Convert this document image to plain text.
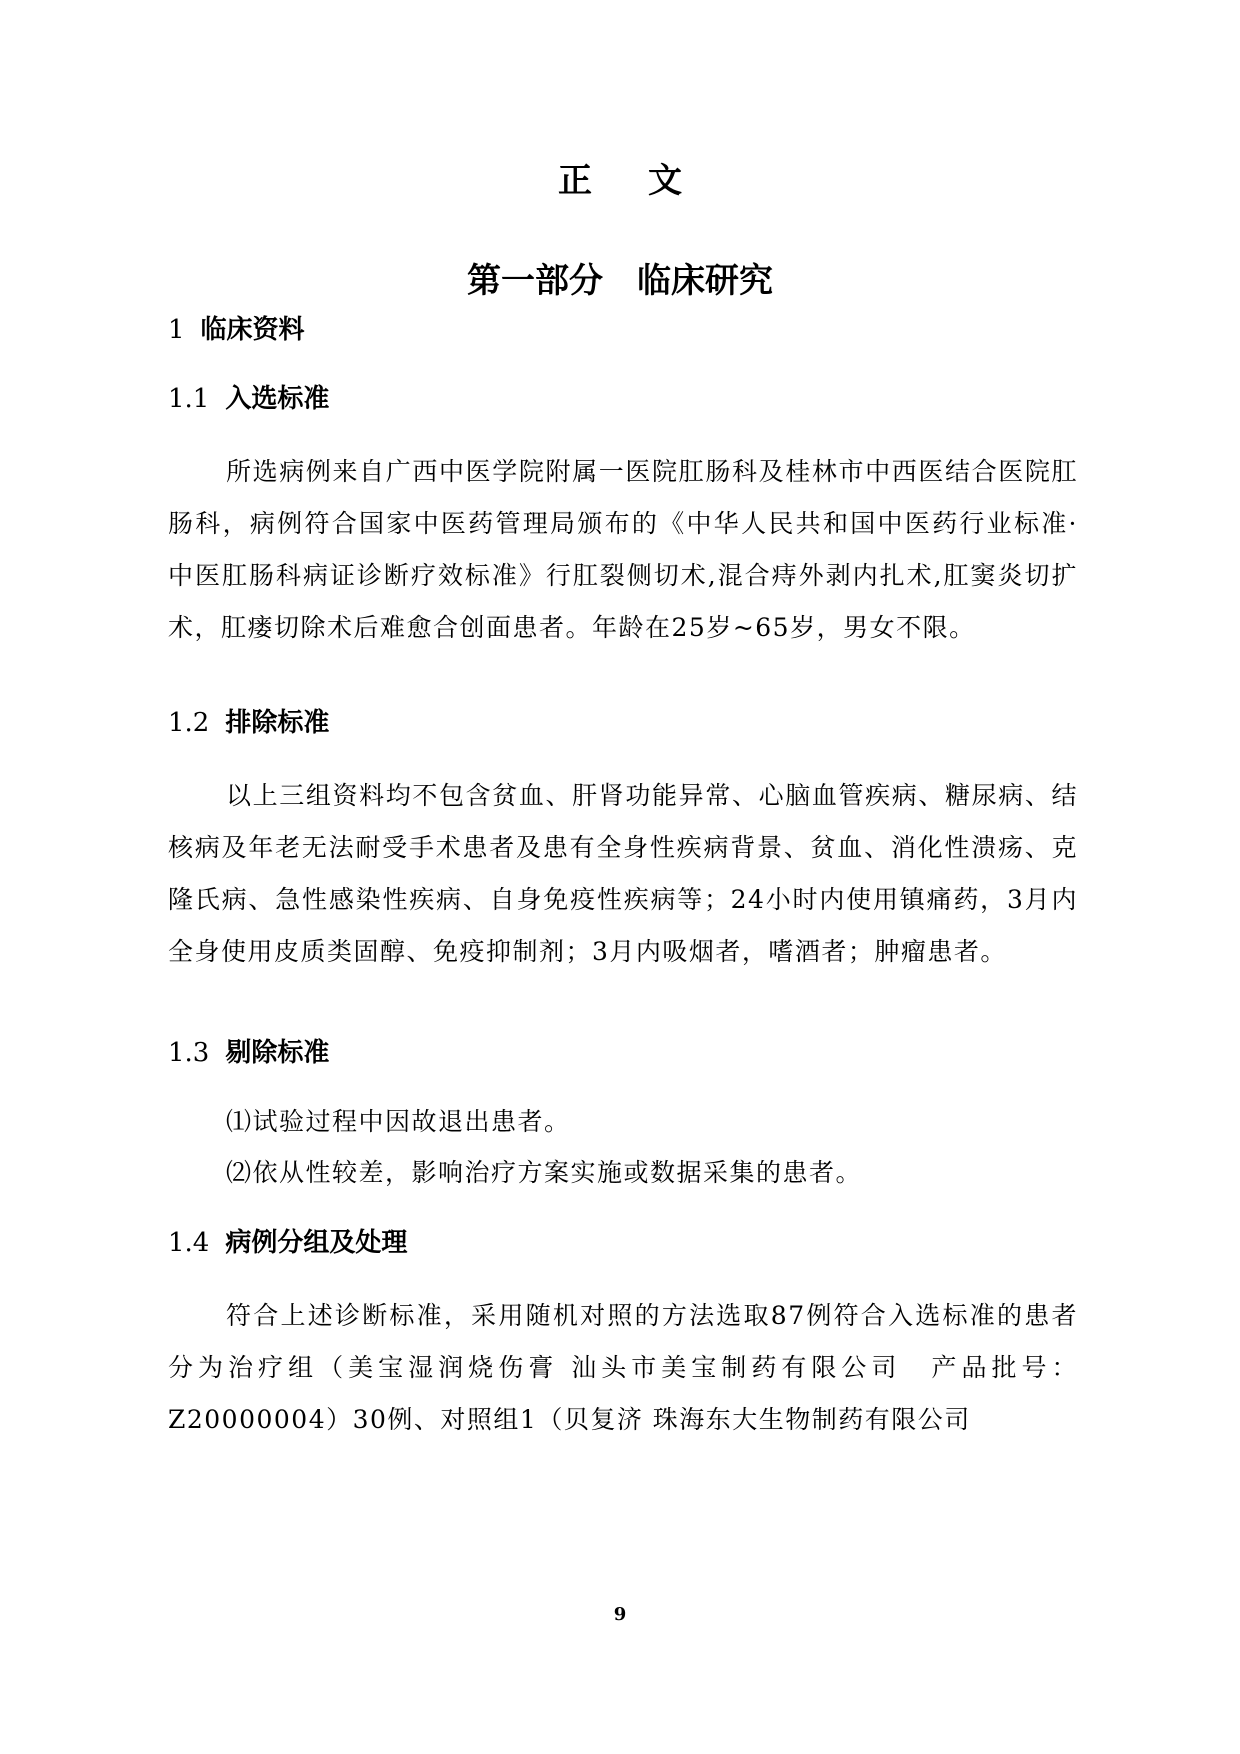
正文
第一部分　临床研究
1 临床资料
1.1 入选标准
所选病例来自广西中医学院附属一医院肛肠科及桂林市中西医结合医院肛肠科，病例符合国家中医药管理局颁布的《中华人民共和国中医药行业标准·中医肛肠科病证诊断疗效标准》行肛裂侧切术,混合痔外剥内扎术,肛窦炎切扩术，肛瘘切除术后难愈合创面患者。年龄在25岁~65岁，男女不限。
1.2 排除标准
以上三组资料均不包含贫血、肝肾功能异常、心脑血管疾病、糖尿病、结核病及年老无法耐受手术患者及患有全身性疾病背景、贫血、消化性溃疡、克隆氏病、急性感染性疾病、自身免疫性疾病等；24小时内使用镇痛药，3月内全身使用皮质类固醇、免疫抑制剂；3月内吸烟者，嗜酒者；肿瘤患者。
1.3 剔除标准
⑴试验过程中因故退出患者。
⑵依从性较差，影响治疗方案实施或数据采集的患者。
1.4 病例分组及处理
符合上述诊断标准，采用随机对照的方法选取87例符合入选标准的患者分为治疗组（美宝湿润烧伤膏 汕头市美宝制药有限公司　产品批号：Z20000004）30例、对照组1（贝复济 珠海东大生物制药有限公司
9
